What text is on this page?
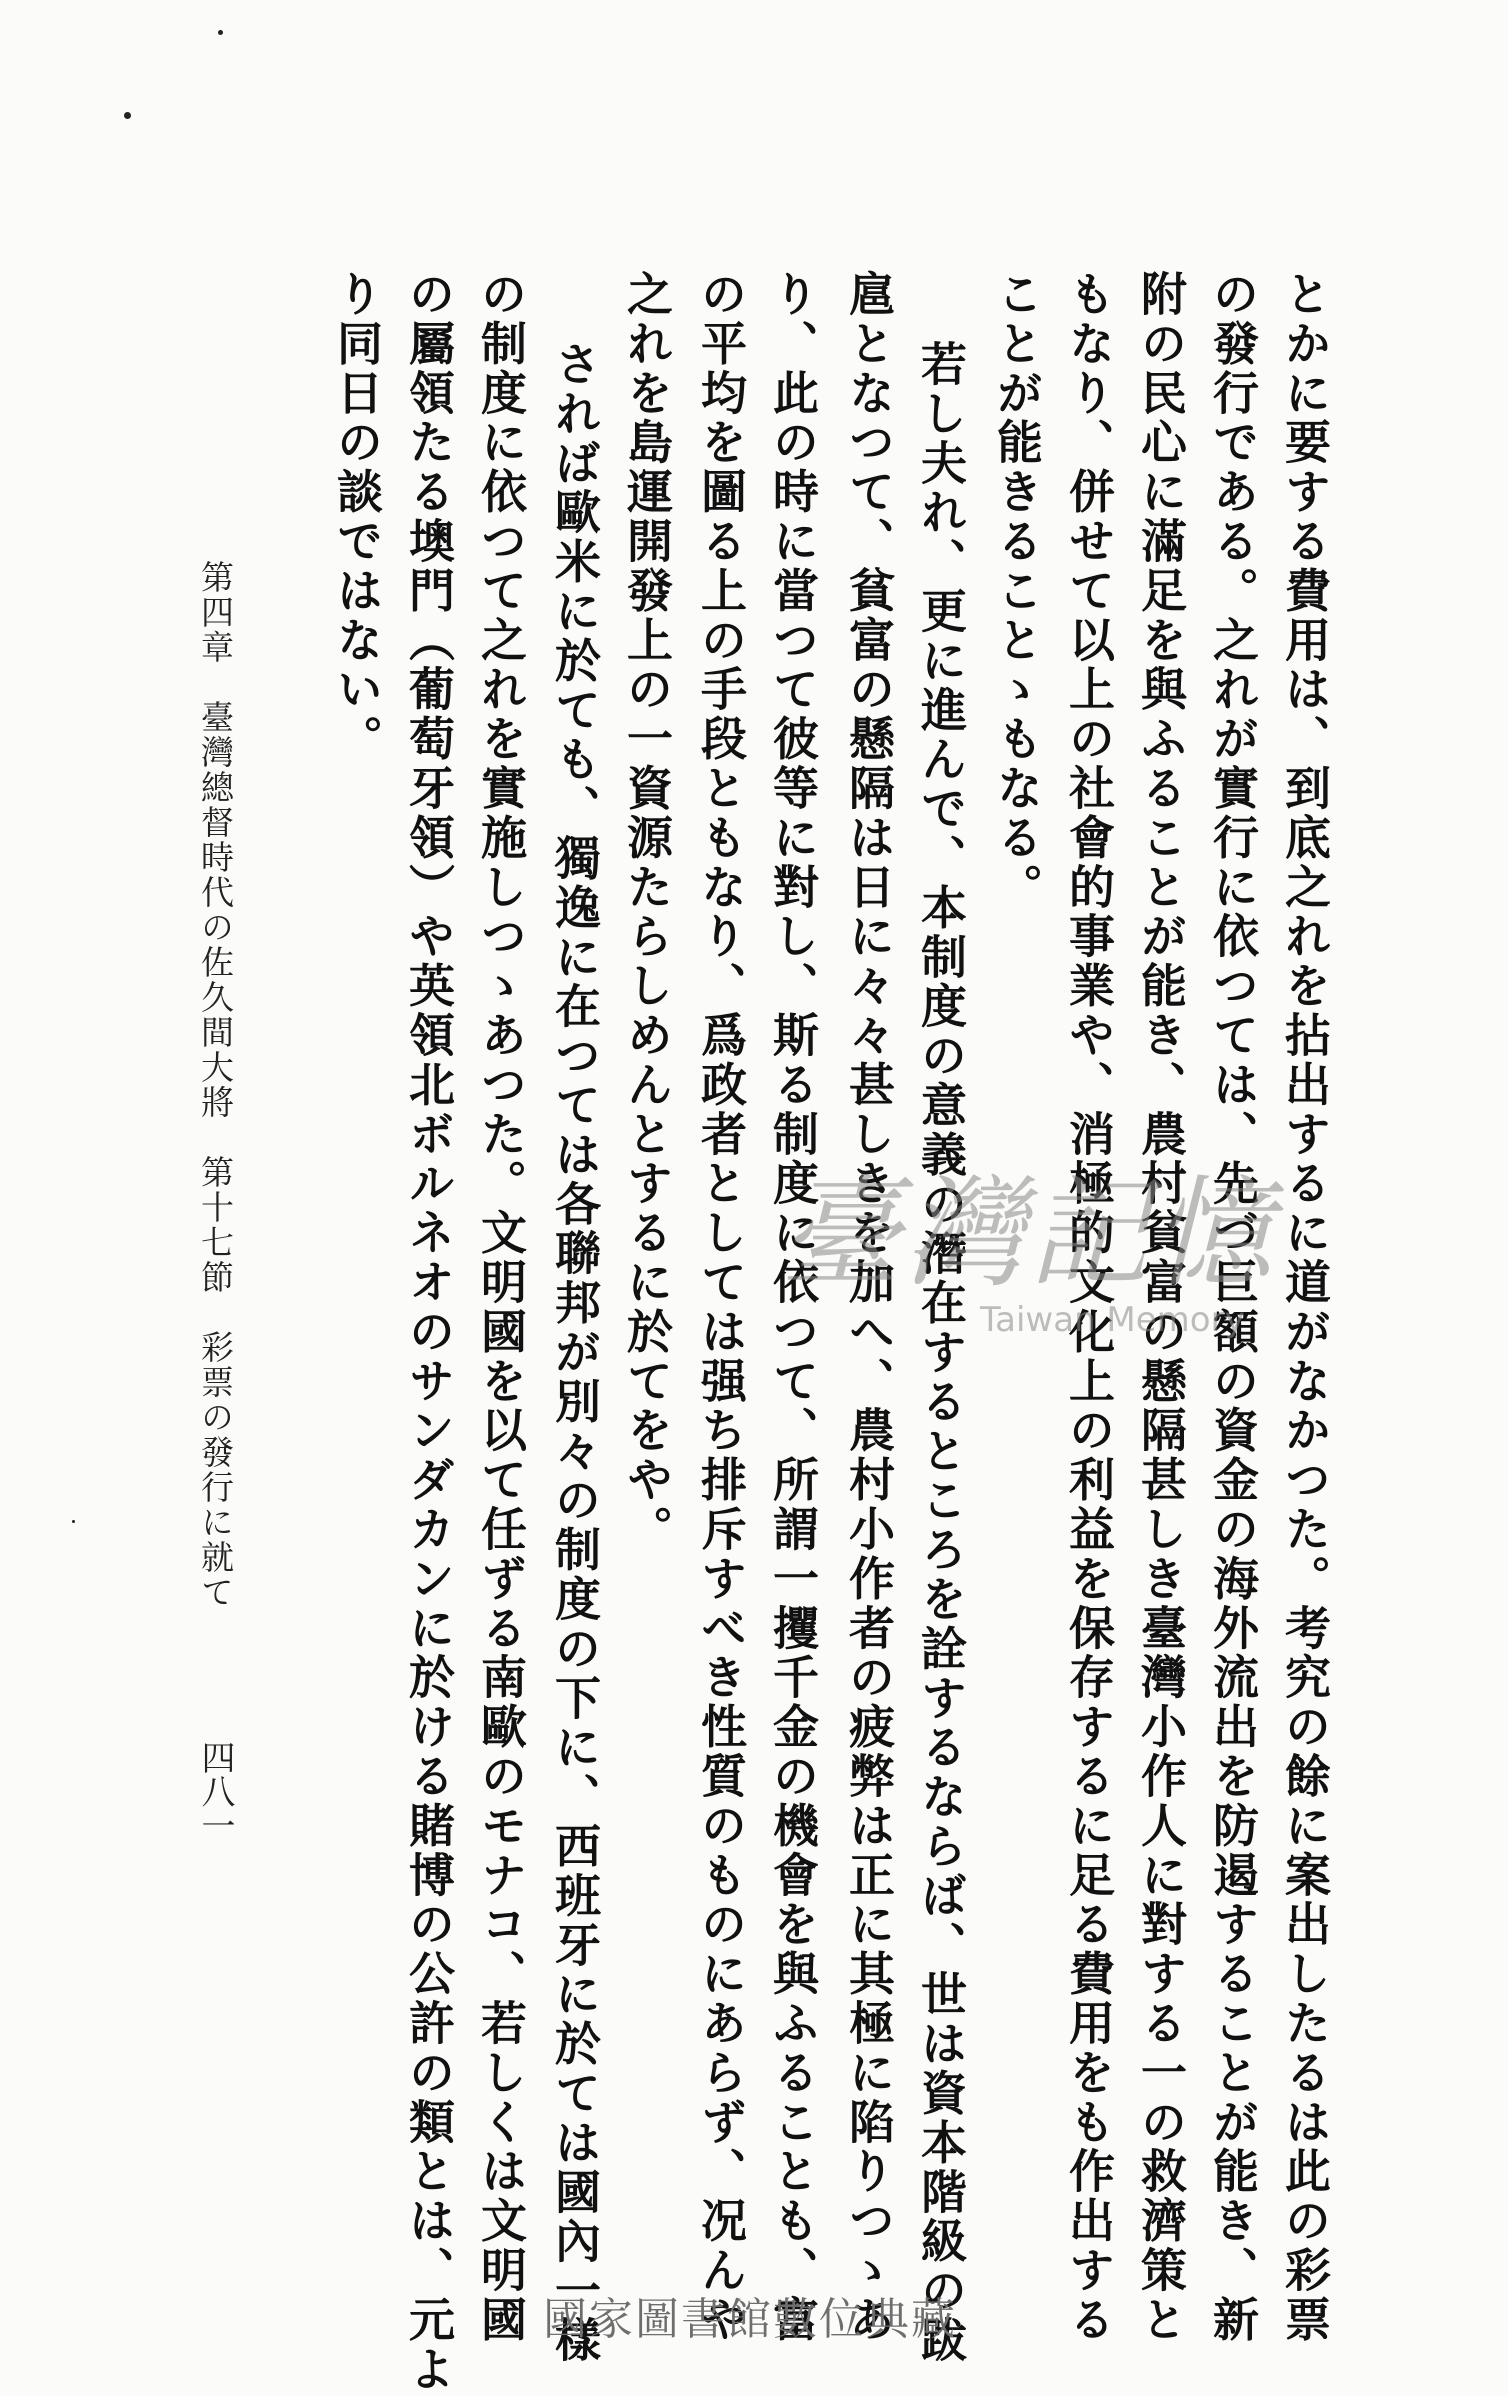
とかに要する費用は、到底之れを拈出するに道がなかつた。考究の餘に案出したるは此の彩票
の發行である。之れが實行に依つては、先づ巨額の資金の海外流出を防遏することが能き、新
附の民心に滿足を與ふることが能き、農村貧富の懸隔甚しき臺灣小作人に對する一の救濟策と
もなり、併せて以上の社會的事業や、消極的文化上の利益を保存するに足る費用をも作出する
ことが能きることゝもなる。
若し夫れ、更に進んで、本制度の意義の潛在するところを詮するならば、世は資本階級の跋
扈となつて、貧富の懸隔は日に々々甚しきを加へ、農村小作者の疲弊は正に其極に陷りつゝあ
り、此の時に當つて彼等に對し、斯る制度に依つて、所謂一攫千金の機會を與ふることも、富
の平均を圖る上の手段ともなり、爲政者としては强ち排斥すべき性質のものにあらず、况んや
之れを島運開發上の一資源たらしめんとするに於てをや。
されば歐米に於ても、獨逸に在つては各聯邦が別々の制度の下に、西班牙に於ては國內一樣
の制度に依つて之れを實施しつゝあつた。文明國を以て任ずる南歐のモナコ、若しくは文明國
の屬領たる墺門（葡萄牙領）や英領北ボルネオのサンダカンに於ける賭博の公許の類とは、元よ
り同日の談ではない。
第四章　臺灣總督時代の佐久間大將　第十七節　彩票の發行に就て
四八一
臺灣記憶
Taiwan Memory
國家圖書館數位典藏
